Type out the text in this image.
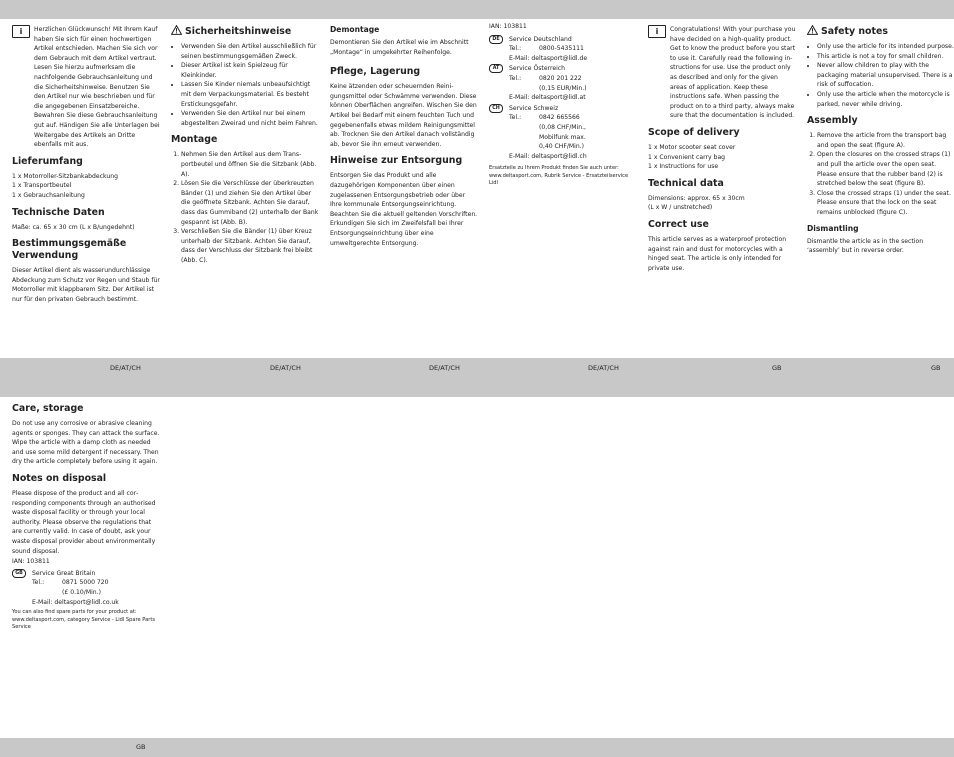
i	Herzlichen Glückwunsch! Mit Ihrem Kauf haben Sie sich für einen hochwertigen Artikel entschieden. Machen Sie sich vor dem Gebrauch mit dem Artikel vertraut. Lesen Sie hierzu aufmerksam die nachfolgende Gebrauchsanleitung und die Sicherheitshinweise. Benutzen Sie den Artikel nur wie beschrieben und für die angegebenen Einsatzbereiche. Bewahren Sie diese Gebrauchsanleitung gut auf. Händigen Sie alle Unterlagen bei Weitergabe des Artikels an Dritte ebenfalls mit aus.

Lieferumfang

1 x Motorroller-Sitzbankabdeckung

1 x Transportbeutel

1 x Gebrauchsanleitung

Technische Daten

Maße: ca. 65 x 30 cm (L x B/ungedehnt)

Bestimmungsgemäße Verwendung

Dieser Artikel dient als wasserundurchlässige Abdeckung zum Schutz vor Regen und Staub für Motorroller mit klappbarem Sitz. Der Artikel ist nur für den privaten Gebrauch bestimmt.

Sicherheitshinweise
• Verwenden Sie den Artikel ausschließlich für seinen bestimmungsgemäßen Zweck.
• Dieser Artikel ist kein Spielzeug für Kleinkinder.
• Lassen Sie Kinder niemals unbeaufsichtigt mit dem Verpackungsmaterial. Es besteht Erstickungsgefahr.
• Verwenden Sie den Artikel nur bei einem abgestellten Zweirad und nicht beim Fahren.
Montage
1. Nehmen Sie den Artikel aus dem Transportbeutel und öffnen Sie die Sitzbank (Abb. A).
2. Lösen Sie die Verschlüsse der überkreuzten Bänder (1) und ziehen Sie den Artikel über die geöffnete Sitzbank. Achten Sie darauf, dass das Gummiband (2) unterhalb der Bank gespannt ist (Abb. B).
3. Verschließen Sie die Bänder (1) über Kreuz unterhalb der Sitzbank. Achten Sie darauf, dass der Verschluss der Sitzbank frei bleibt (Abb. C).
Demontage

Demontieren Sie den Artikel wie im Abschnitt „Montage“ in umgekehrter Reihenfolge.

Pflege, Lagerung

Keine ätzenden oder scheuernden Reinigungsmittel oder Schwämme verwenden. Diese können Oberflächen angreifen. Wischen Sie den Artikel bei Bedarf mit einem feuchten Tuch und gegebenenfalls etwas mildem Reinigungsmittel ab. Trocknen Sie den Artikel danach vollständig ab, bevor Sie ihn erneut verwenden.

Hinweise zur Entsorgung

Entsorgen Sie das Produkt und alle dazugehörigen Komponenten über einen zugelassenen Entsorgungsbetrieb oder über Ihre kommunale Entsorgungseinrichtung. Beachten Sie die aktuell geltenden Vorschriften. Erkundigen Sie sich im Zweifelsfall bei Ihrer Entsorgungseinrichtung über eine umweltgerechte Entsorgung.

IAN: 103811

DE Service Deutschland

Tel.:	0800-5435111

E-Mail: deltasport@lidl.de

AT Service Österreich

Tel.:	0820 201 222
(0,15 EUR/Min.)

E-Mail: deltasport@lidl.at

CH Service Schweiz

Tel.:	0842 665566
(0,08 CHF/Min.,
Mobilfunk max.
0,40 CHF/Min.)

E-Mail: deltasport@lidl.ch

Ersatzteile zu Ihrem Produkt finden Sie auch unter: www.deltasport.com, Rubrik Service - Ersatzteilservice Lidl

i	Congratulations! With your purchase you have decided on a high-quality product. Get to know the product before you start to use it. Carefully read the following instructions for use. Use the product only as described and only for the given areas of application. Keep these instructions safe. When passing the product on to a third party, always make sure that the documentation is included.

Scope of delivery

1 x Motor scooter seat cover

1 x Convenient carry bag

1 x Instructions for use

Technical data

Dimensions: approx. 65 x 30cm

(L x W / unstretched)

Correct use

This article serves as a waterproof protection against rain and dust for motorcycles with a hinged seat. The article is only intended for private use.

Safety notes
• Only use the article for its intended purpose.
• This article is not a toy for small children.
• Never allow children to play with the packaging material unsupervised. There is a risk of suffocation.
• Only use the article when the motorcycle is parked, never while driving.
Assembly
1. Remove the article from the transport bag and open the seat (figure A).
2. Open the closures on the crossed straps (1) and pull the article over the open seat. Please ensure that the rubber band (2) is stretched below the seat (figure B).
3. Close the crossed straps (1) under the seat. Please ensure that the lock on the seat remains unblocked (figure C).
Dismantling

Dismantle the article as in the section ‘assembly’ but in reverse order.

DE/AT/CH	DE/AT/CH	DE/AT/CH	DE/AT/CH	GB	GB
Care, storage

Do not use any corrosive or abrasive cleaning agents or sponges. They can attack the surface. Wipe the article with a damp cloth as needed and use some mild detergent if necessary. Then dry the article completely before using it again.

Notes on disposal

Please dispose of the product and all corresponding components through an authorised waste disposal facility or through your local authority. Please observe the regulations that are currently valid. In case of doubt, ask your waste disposal provider about environmentally sound disposal.

IAN: 103811

GB Service Great Britain

Tel.:	0871 5000 720
(£ 0.10/Min.)

E-Mail: deltasport@lidl.co.uk

You can also find spare parts for your product at: www.deltasport.com, category Service - Lidl Spare Parts Service

GB
